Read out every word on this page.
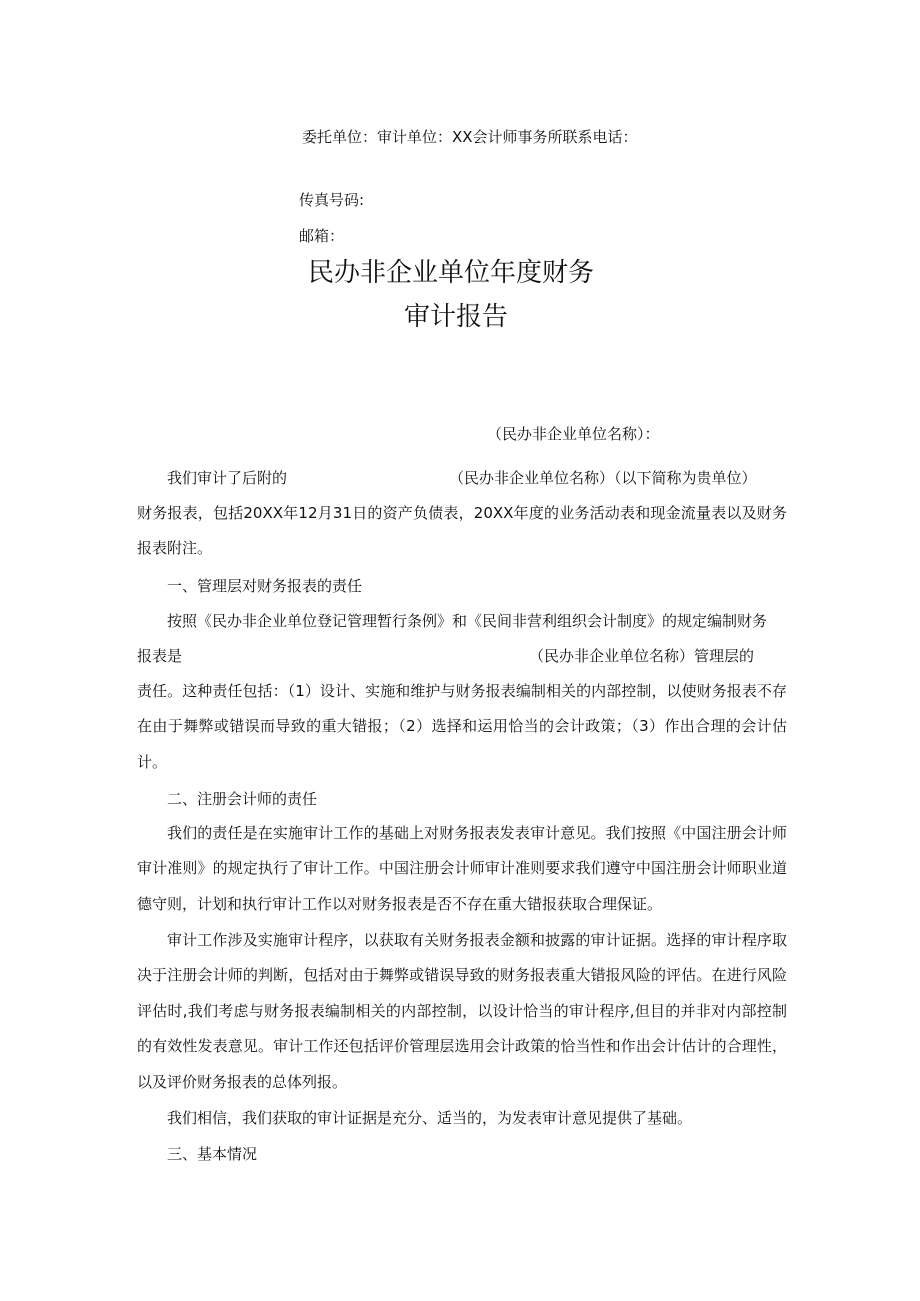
委托单位：审计单位：XX会计师事务所联系电话：
传真号码:
邮箱：
民办非企业单位年度财务
审计报告
（民办非企业单位名称）：
我们审计了后附的	（民办非企业单位名称）（以下简称为贵单位）
财务报表，包括20XX年12月31日的资产负债表，20XX年度的业务活动表和现金流量表以及财务报表附注。
一、管理层对财务报表的责任
按照《民办非企业单位登记管理暂行条例》和《民间非营利组织会计制度》的规定编制财务
报表是	（民办非企业单位名称）管理层的
责任。这种责任包括：（1）设计、实施和维护与财务报表编制相关的内部控制，以使财务报表不存在由于舞弊或错误而导致的重大错报；（2）选择和运用恰当的会计政策；（3）作出合理的会计估计。
二、注册会计师的责任
我们的责任是在实施审计工作的基础上对财务报表发表审计意见。我们按照《中国注册会计师审计准则》的规定执行了审计工作。中国注册会计师审计准则要求我们遵守中国注册会计师职业道德守则，计划和执行审计工作以对财务报表是否不存在重大错报获取合理保证。
审计工作涉及实施审计程序，以获取有关财务报表金额和披露的审计证据。选择的审计程序取决于注册会计师的判断，包括对由于舞弊或错误导致的财务报表重大错报风险的评估。在进行风险评估时,我们考虑与财务报表编制相关的内部控制，以设计恰当的审计程序,但目的并非对内部控制的有效性发表意见。审计工作还包括评价管理层选用会计政策的恰当性和作出会计估计的合理性，以及评价财务报表的总体列报。
我们相信，我们获取的审计证据是充分、适当的，为发表审计意见提供了基础。
三、基本情况
